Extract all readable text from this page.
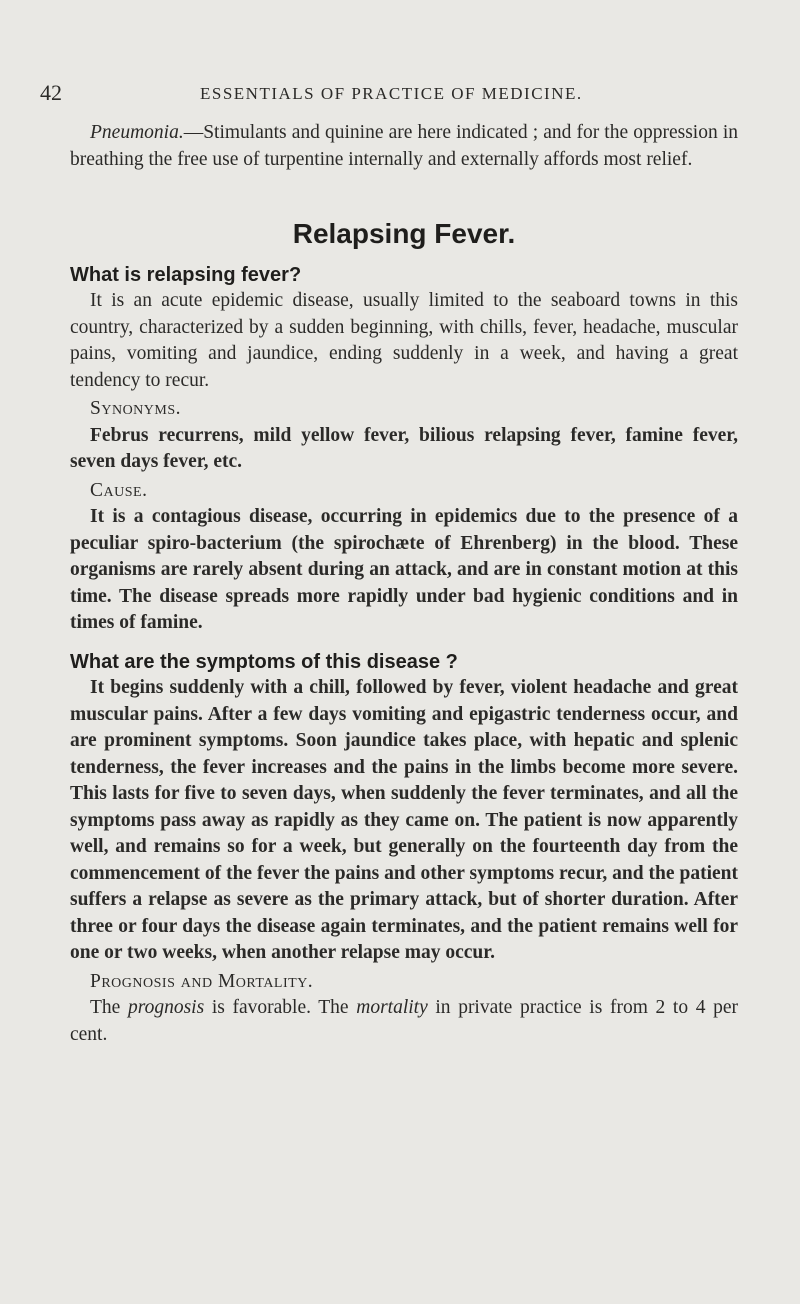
42	ESSENTIALS OF PRACTICE OF MEDICINE.

Pneumonia.—Stimulants and quinine are here indicated ; and for the oppression in breathing the free use of turpentine internally and externally affords most relief.

Relapsing Fever.

What is relapsing fever?

It is an acute epidemic disease, usually limited to the seaboard towns in this country, characterized by a sudden beginning, with chills, fever, headache, muscular pains, vomiting and jaundice, ending suddenly in a week, and having a great tendency to recur.

Synonyms.

Februs recurrens, mild yellow fever, bilious relapsing fever, famine fever, seven days fever, etc.

Cause.

It is a contagious disease, occurring in epidemics due to the presence of a peculiar spiro-bacterium (the spirochæte of Ehrenberg) in the blood. These organisms are rarely absent during an attack, and are in constant motion at this time. The disease spreads more rapidly under bad hygienic conditions and in times of famine.

What are the symptoms of this disease ?

It begins suddenly with a chill, followed by fever, violent headache and great muscular pains. After a few days vomiting and epigastric tenderness occur, and are prominent symptoms. Soon jaundice takes place, with hepatic and splenic tenderness, the fever increases and the pains in the limbs become more severe. This lasts for five to seven days, when suddenly the fever terminates, and all the symptoms pass away as rapidly as they came on. The patient is now apparently well, and remains so for a week, but generally on the fourteenth day from the commencement of the fever the pains and other symptoms recur, and the patient suffers a relapse as severe as the primary attack, but of shorter duration. After three or four days the disease again terminates, and the patient remains well for one or two weeks, when another relapse may occur.

Prognosis and Mortality.

The prognosis is favorable. The mortality in private practice is from 2 to 4 per cent.
